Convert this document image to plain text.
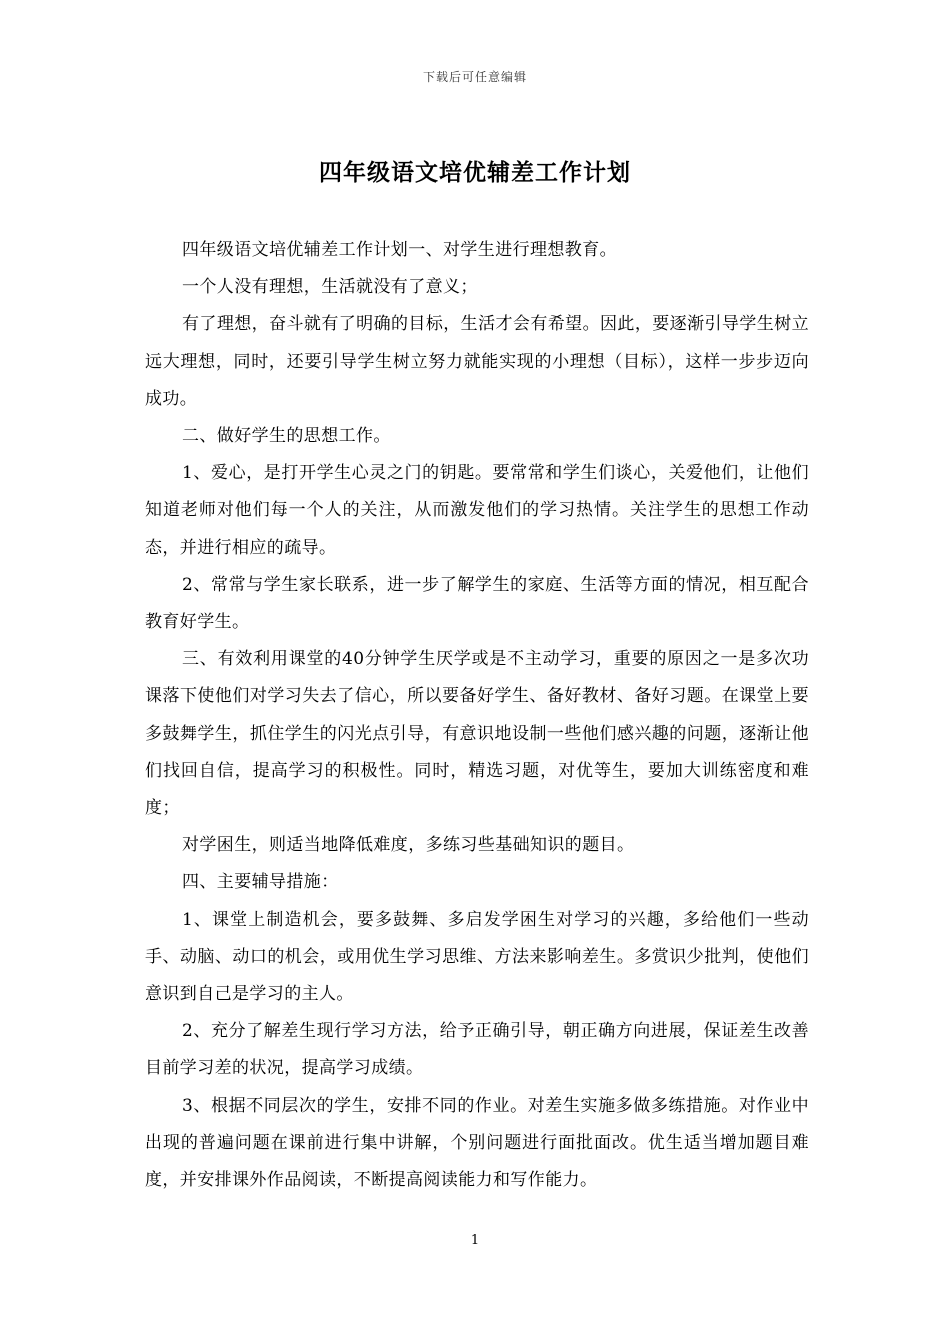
下载后可任意编辑
四年级语文培优辅差工作计划

四年级语文培优辅差工作计划一、对学生进行理想教育。

一个人没有理想，生活就没有了意义；

有了理想，奋斗就有了明确的目标，生活才会有希望。因此，要逐渐引导学生树立远大理想，同时，还要引导学生树立努力就能实现的小理想（目标），这样一步步迈向成功。

二、做好学生的思想工作。

1、爱心，是打开学生心灵之门的钥匙。要常常和学生们谈心，关爱他们，让他们知道老师对他们每一个人的关注，从而激发他们的学习热情。关注学生的思想工作动态，并进行相应的疏导。

2、常常与学生家长联系，进一步了解学生的家庭、生活等方面的情况，相互配合教育好学生。

三、有效利用课堂的40分钟学生厌学或是不主动学习，重要的原因之一是多次功课落下使他们对学习失去了信心，所以要备好学生、备好教材、备好习题。在课堂上要多鼓舞学生，抓住学生的闪光点引导，有意识地设制一些他们感兴趣的问题，逐渐让他们找回自信，提高学习的积极性。同时，精选习题，对优等生，要加大训练密度和难度；

对学困生，则适当地降低难度，多练习些基础知识的题目。

四、主要辅导措施：

1、课堂上制造机会，要多鼓舞、多启发学困生对学习的兴趣，多给他们一些动手、动脑、动口的机会，或用优生学习思维、方法来影响差生。多赏识少批判，使他们意识到自己是学习的主人。

2、充分了解差生现行学习方法，给予正确引导，朝正确方向进展，保证差生改善目前学习差的状况，提高学习成绩。

3、根据不同层次的学生，安排不同的作业。对差生实施多做多练措施。对作业中出现的普遍问题在课前进行集中讲解，个别问题进行面批面改。优生适当增加题目难度，并安排课外作品阅读，不断提高阅读能力和写作能力。

1
